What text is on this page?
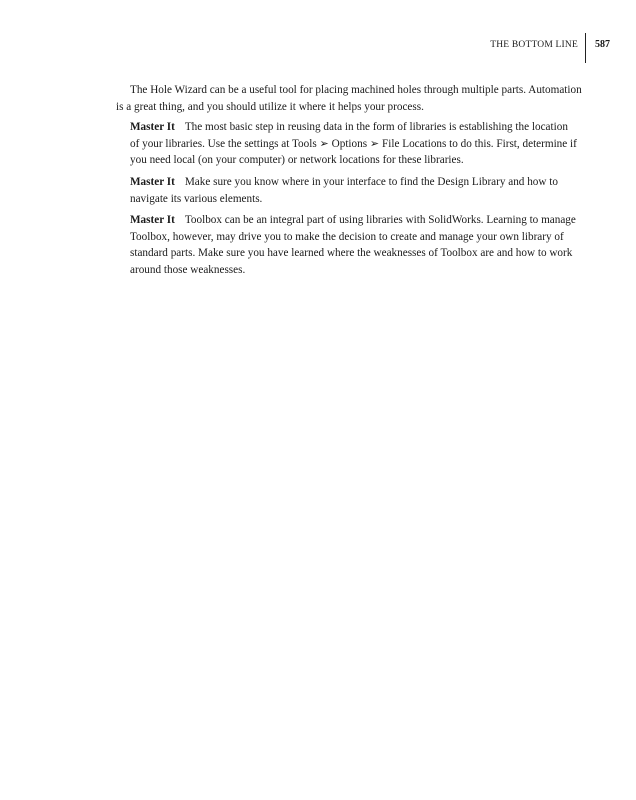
THE BOTTOM LINE	587

The Hole Wizard can be a useful tool for placing machined holes through multiple parts. Automation is a great thing, and you should utilize it where it helps your process.

Master It The most basic step in reusing data in the form of libraries is establishing the location of your libraries. Use the settings at Tools ➢ Options ➢ File Locations to do this. First, determine if you need local (on your computer) or network locations for these libraries.

Master It Make sure you know where in your interface to find the Design Library and how to navigate its various elements.

Master It Toolbox can be an integral part of using libraries with SolidWorks. Learning to manage Toolbox, however, may drive you to make the decision to create and manage your own library of standard parts. Make sure you have learned where the weaknesses of Toolbox are and how to work around those weaknesses.
